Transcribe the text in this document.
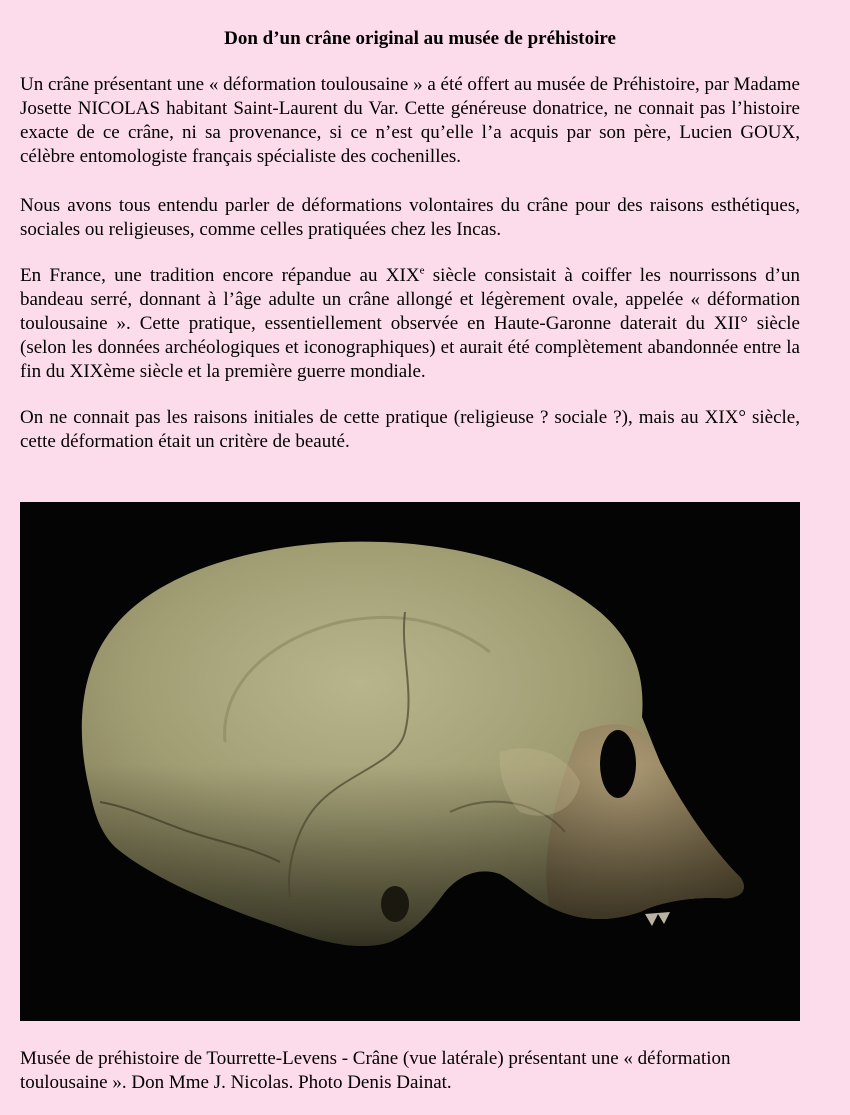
Don d’un crâne original au musée de préhistoire

Un crâne présentant une « déformation toulousaine » a été offert au musée de Préhistoire, par Madame Josette NICOLAS habitant Saint-Laurent du Var. Cette généreuse donatrice, ne connait pas l’histoire exacte de ce crâne, ni sa provenance, si ce n’est qu’elle l’a acquis par son père, Lucien GOUX, célèbre entomologiste français spécialiste des cochenilles.

Nous avons tous entendu parler de déformations volontaires du crâne pour des raisons esthétiques, sociales ou religieuses, comme celles pratiquées chez les Incas.

En France, une tradition encore répandue au XIXe siècle consistait à coiffer les nourrissons d’un bandeau serré, donnant à l’âge adulte un crâne allongé et légèrement ovale, appelée « déformation toulousaine ». Cette pratique, essentiellement observée en Haute-Garonne daterait du XII° siècle (selon les données archéologiques et iconographiques) et aurait été complètement abandonnée entre la fin du XIXème siècle et la première guerre mondiale.

On ne connait pas les raisons initiales de cette pratique (religieuse ? sociale ?), mais au XIX° siècle, cette déformation était un critère de beauté.

Musée de préhistoire de Tourrette-Levens - Crâne (vue latérale) présentant une « déformation toulousaine ». Don Mme J. Nicolas. Photo Denis Dainat.
